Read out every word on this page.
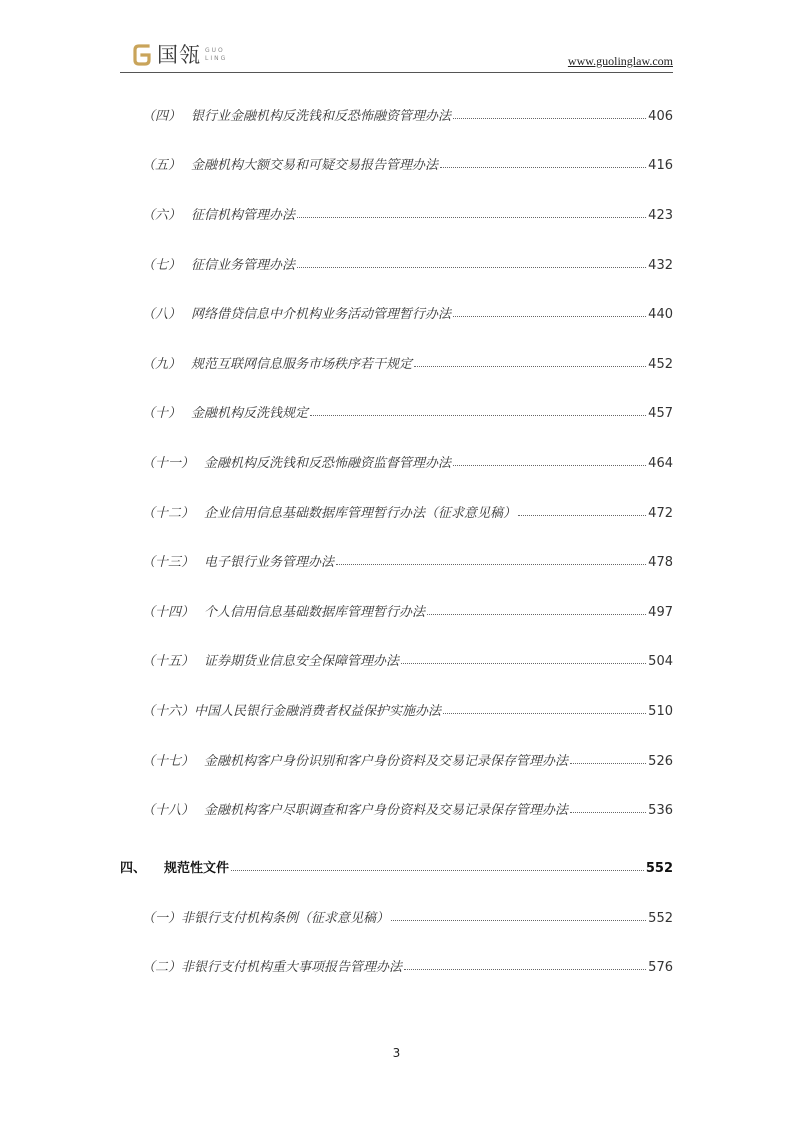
国瓴 GUO
LING	www.guolinglaw.com
（四） 银行业金融机构反洗钱和反恐怖融资管理办法	406
（五） 金融机构大额交易和可疑交易报告管理办法	416
（六） 征信机构管理办法	423
（七） 征信业务管理办法	432
（八） 网络借贷信息中介机构业务活动管理暂行办法	440
（九） 规范互联网信息服务市场秩序若干规定	452
（十） 金融机构反洗钱规定	457
（十一） 金融机构反洗钱和反恐怖融资监督管理办法	464
（十二） 企业信用信息基础数据库管理暂行办法（征求意见稿）	472
（十三） 电子银行业务管理办法	478
（十四） 个人信用信息基础数据库管理暂行办法	497
（十五） 证券期货业信息安全保障管理办法	504
（十六）中国人民银行金融消费者权益保护实施办法	510
（十七） 金融机构客户身份识别和客户身份资料及交易记录保存管理办法	526
（十八） 金融机构客户尽职调查和客户身份资料及交易记录保存管理办法	536
四、 规范性文件	552
（一）非银行支付机构条例（征求意见稿）	552
（二）非银行支付机构重大事项报告管理办法	576
3
